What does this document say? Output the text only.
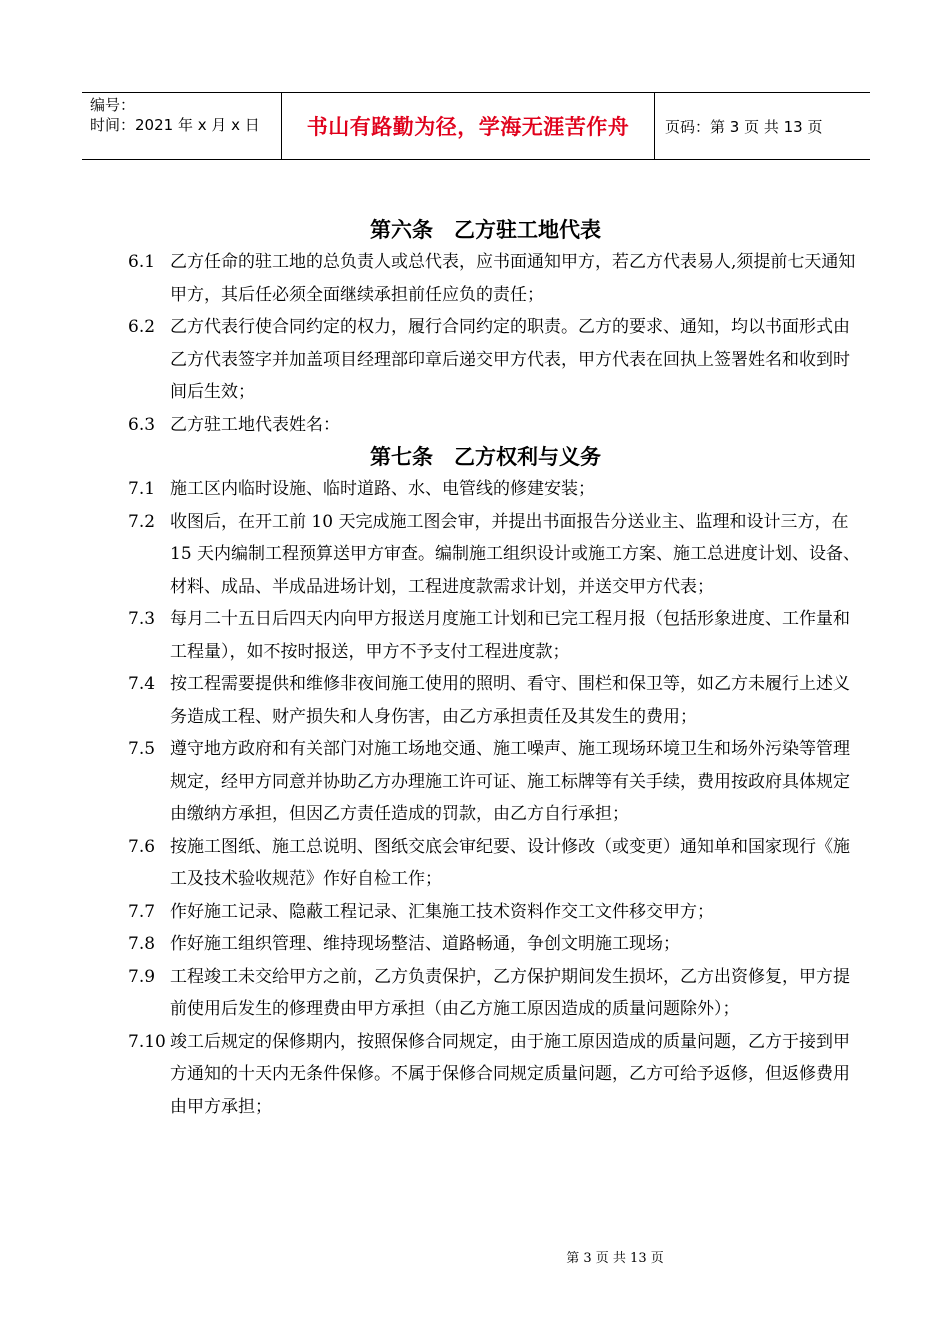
编号：
时间：2021 年 x 月 x 日	书山有路勤为径，学海无涯苦作舟	页码：第 3 页 共 13 页
第六条　乙方驻工地代表
6.1 乙方任命的驻工地的总负责人或总代表，应书面通知甲方，若乙方代表易人,须提前七天通知甲方，其后任必须全面继续承担前任应负的责任；
6.2 乙方代表行使合同约定的权力，履行合同约定的职责。乙方的要求、通知，均以书面形式由乙方代表签字并加盖项目经理部印章后递交甲方代表，甲方代表在回执上签署姓名和收到时间后生效；
6.3 乙方驻工地代表姓名：
第七条　乙方权利与义务
7.1 施工区内临时设施、临时道路、水、电管线的修建安装；
7.2 收图后，在开工前 10 天完成施工图会审，并提出书面报告分送业主、监理和设计三方，在 15 天内编制工程预算送甲方审查。编制施工组织设计或施工方案、施工总进度计划、设备、材料、成品、半成品进场计划，工程进度款需求计划，并送交甲方代表；
7.3 每月二十五日后四天内向甲方报送月度施工计划和已完工程月报（包括形象进度、工作量和工程量），如不按时报送，甲方不予支付工程进度款；
7.4 按工程需要提供和维修非夜间施工使用的照明、看守、围栏和保卫等，如乙方未履行上述义务造成工程、财产损失和人身伤害，由乙方承担责任及其发生的费用；
7.5 遵守地方政府和有关部门对施工场地交通、施工噪声、施工现场环境卫生和场外污染等管理规定，经甲方同意并协助乙方办理施工许可证、施工标牌等有关手续，费用按政府具体规定由缴纳方承担，但因乙方责任造成的罚款，由乙方自行承担；
7.6 按施工图纸、施工总说明、图纸交底会审纪要、设计修改（或变更）通知单和国家现行《施工及技术验收规范》作好自检工作；
7.7 作好施工记录、隐蔽工程记录、汇集施工技术资料作交工文件移交甲方；
7.8 作好施工组织管理、维持现场整洁、道路畅通，争创文明施工现场；
7.9 工程竣工未交给甲方之前，乙方负责保护，乙方保护期间发生损坏，乙方出资修复，甲方提前使用后发生的修理费由甲方承担（由乙方施工原因造成的质量问题除外）；
7.10 竣工后规定的保修期内，按照保修合同规定，由于施工原因造成的质量问题，乙方于接到甲方通知的十天内无条件保修。不属于保修合同规定质量问题，乙方可给予返修，但返修费用由甲方承担；
第 3 页 共 13 页
